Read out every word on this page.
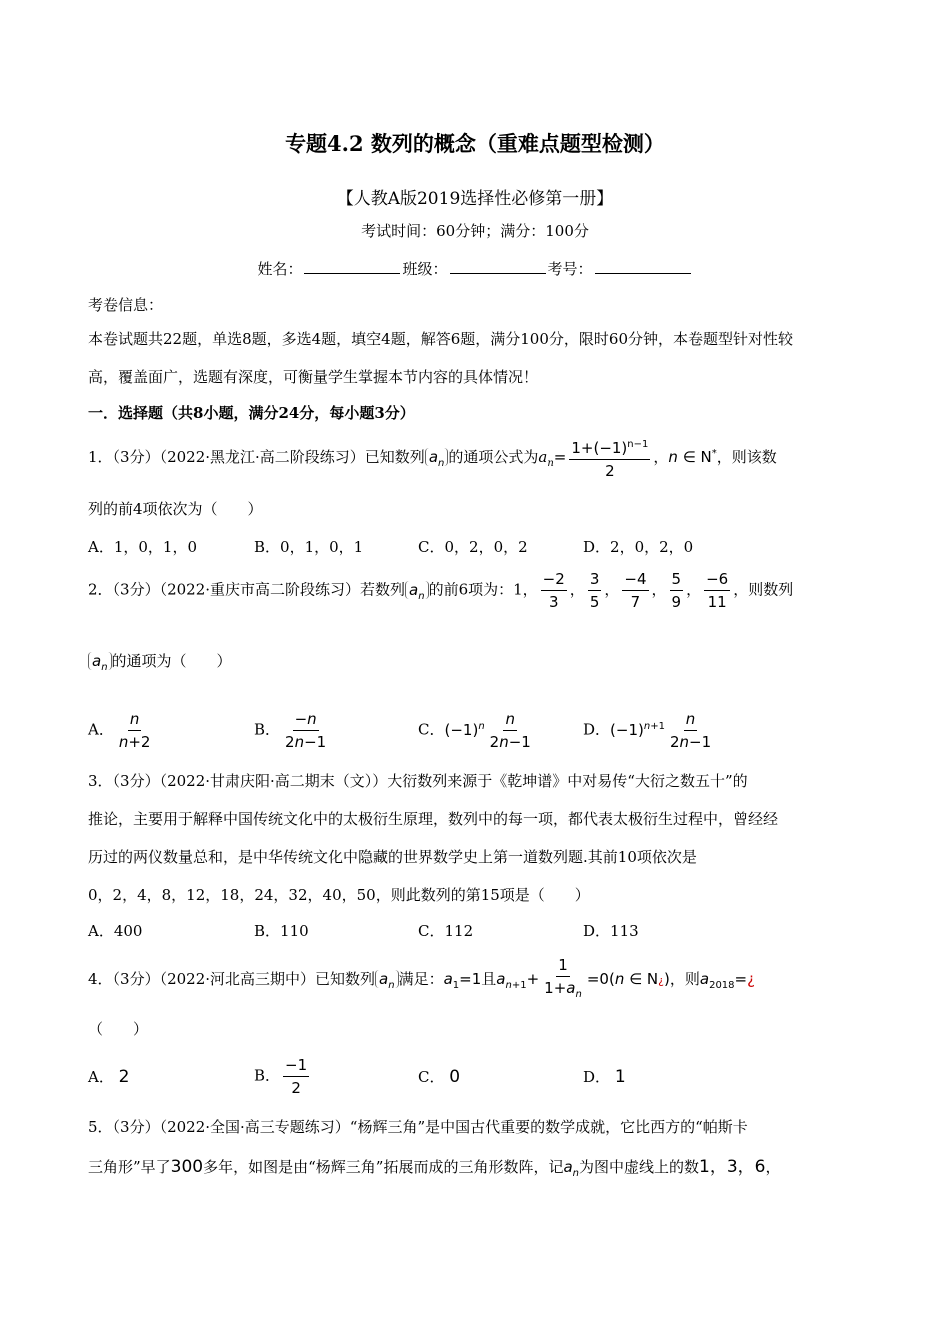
专题4.2 数列的概念（重难点题型检测）
【人教A版2019选择性必修第一册】
考试时间：60分钟；满分：100分
姓名：	班级：	考号：
考卷信息：
本卷试题共22题，单选8题，多选4题，填空4题，解答6题，满分100分，限时60分钟，本卷题型针对性较
高，覆盖面广，选题有深度，可衡量学生掌握本节内容的具体情况！
一．选择题（共8小题，满分24分，每小题3分）
1．（3分）（2022·黑龙江·高二阶段练习）已知数列 $a_n$ 的通项公式为$a_n= \frac{1+(-1)^{n-1}}{2}$ ，n ∈ N*，则该数
列的前4项依次为（　　）
A．1，0，1，0	B．0，1，0，1	C．0，2，0，2	D．2，0，2，0
2．（3分）（2022·重庆市高二阶段练习）若数列 $a_n$ 的前6项为：1， $\frac{-2}{3}$ ， $\frac{3}{5}$ ， $\frac{-4}{7}$ ， $\frac{5}{9}$ ， $\frac{-6}{11}$ ，则数列
$a_n$ 的通项为（　　）
A． $\frac{n}{n+2}$	B． $\frac{-n}{2n-1}$	C．$(-1)^n \frac{n}{2n-1}$	D．$(-1)^{n+1} \frac{n}{2n-1}$
3．（3分）（2022·甘肃庆阳·高二期末（文））大衍数列来源于《乾坤谱》中对易传“大衍之数五十”的
推论，主要用于解释中国传统文化中的太极衍生原理，数列中的每一项，都代表太极衍生过程中，曾经经
历过的两仪数量总和，是中华传统文化中隐藏的世界数学史上第一道数列题.其前10项依次是
0，2，4，8，12，18，24，32，40，50，则此数列的第15项是（　　）
A．400	B．110	C．112	D．113
4．（3分）（2022·河北高三期中）已知数列 $a_n$ 满足：$a_1=1$且$a_{n+1}+ \frac{1}{1+a_n} =0(n$ ∈ N¿)，则$a_{2018}=¿$
（　　）
A． 2	B． $\frac{-1}{2}$	C． 0	D． 1
5．（3分）（2022·全国·高三专题练习）“杨辉三角”是中国古代重要的数学成就，它比西方的“帕斯卡
三角形”早了300多年，如图是由“杨辉三角”拓展而成的三角形数阵，记$a_n$为图中虚线上的数1，3，6，
